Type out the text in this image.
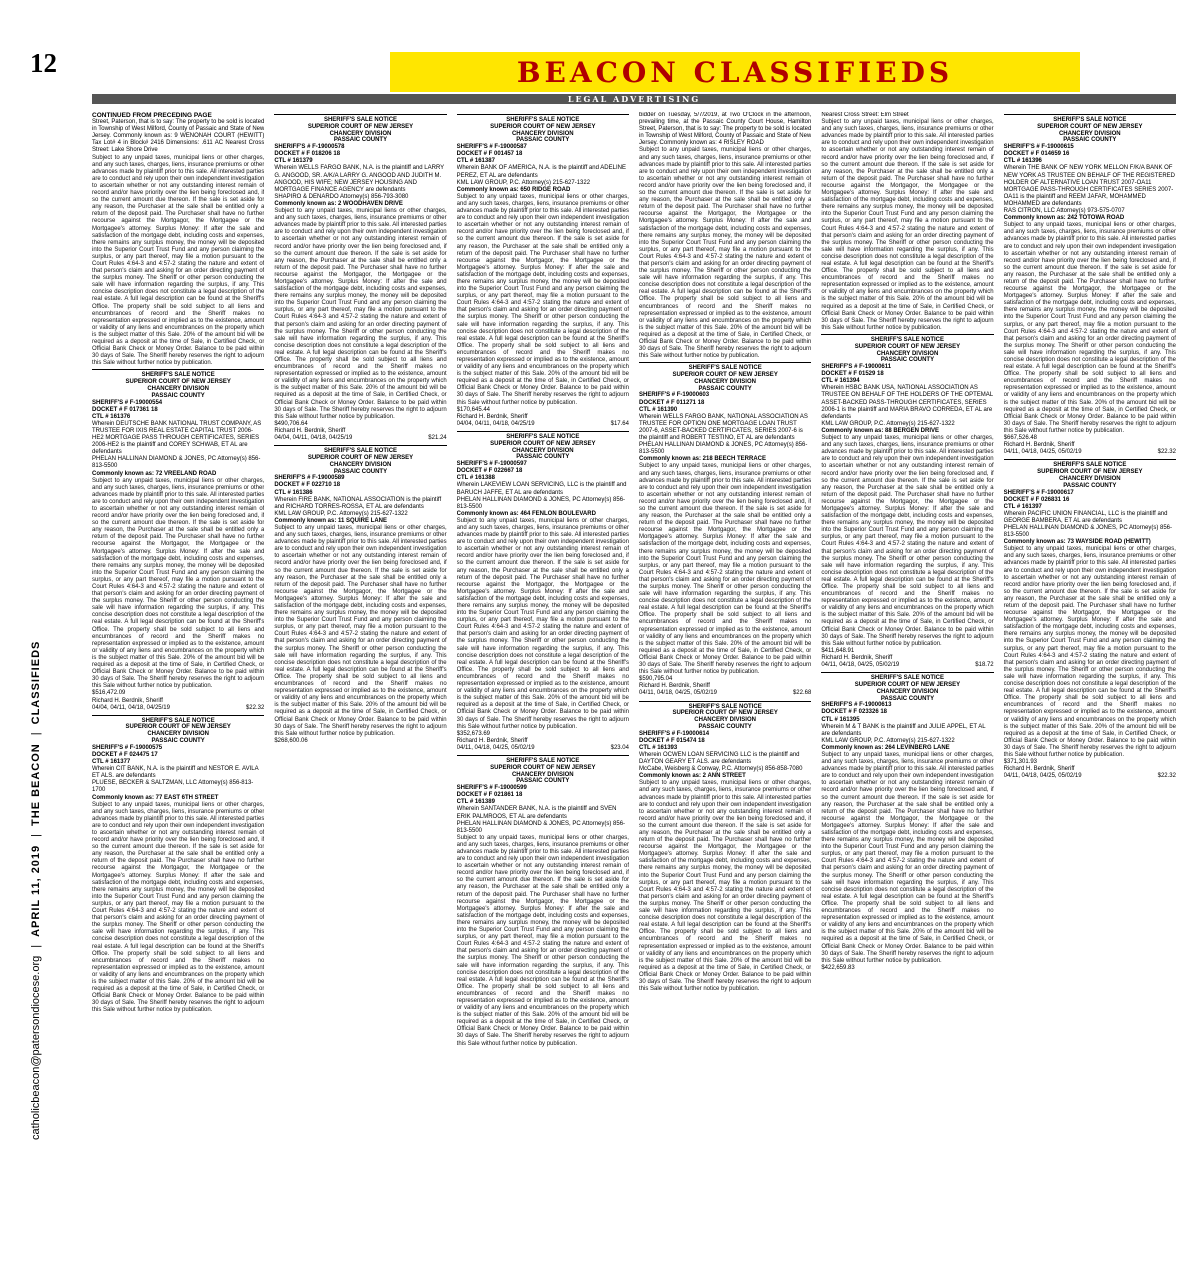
12	BEACON CLASSIFIEDS
LEGAL ADVERTISING
catholicbeacon@patersondiocese.org|APRIL 11, 2019|THE BEACON|CLASSIFIEDS

CONTINUED FROM PRECEDING PAGE

Street, Paterson, that is to say: The property to be sold is located in Township of West Milford, County of Passaic and State of New Jersey. Commonly known as: 9 WENONAH COURT (HEWITT) Tax Lot# 4 in Block# 2416 Dimensions: .611 AC Nearest Cross Street: Lake Shore Drive

Subject to any unpaid taxes, municipal liens or other charges, and any such taxes, charges, liens, insurance premiums or other advances made by plaintiff prior to this sale. All interested parties are to conduct and rely upon their own independent investigation to ascertain whether or not any outstanding interest remain of record and/or have priority over the lien being foreclosed and, if so the current amount due thereon. If the sale is set aside for any reason, the Purchaser at the sale shall be entitled only a return of the deposit paid. The Purchaser shall have no further recourse against the Mortgagor, the Mortgagee or the Mortgagee's attorney. Surplus Money: If after the sale and satisfaction of the mortgage debt, including costs and expenses, there remains any surplus money, the money will be deposited into the Superior Court Trust Fund and any person claiming the surplus, or any part thereof, may file a motion pursuant to the Court Rules 4:64-3 and 4:57-2 stating the nature and extent of that person's claim and asking for an order directing payment of the surplus money. The Sheriff or other person conducting the sale will have information regarding the surplus, if any. This concise description does not constitute a legal description of the real estate. A full legal description can be found at the Sheriff's Office. The property shall be sold subject to all liens and encumbrances of record and the Sheriff makes no representation expressed or implied as to the existence, amount or validity of any liens and encumbrances on the property which is the subject matter of this Sale. 20% of the amount bid will be required as a deposit at the time of Sale, in Certified Check, or Official Bank Check or Money Order. Balance to be paid within 30 days of Sale. The Sheriff hereby reserves the right to adjourn this Sale without further notice by publication.

SHERIFF'S SALE NOTICE
SUPERIOR COURT OF NEW JERSEY
CHANCERY DIVISION
PASSAIC COUNTY
SHERIFF'S # F-19000554
DOCKET # F 017361 18
CTL # 161376
Wherein DEUTSCHE BANK NATIONAL TRUST COMPANY, AS TRUSTEE FOR IXIS REAL ESTATE CAPITAL TRUST 2006-HE2 MORTGAGE PASS THROUGH CERTIFICATES, SERIES 2006-HE2 is the plaintiff and COREY SCHWAB, ET AL are defendants
PHELAN HALLINAN DIAMOND & JONES, PC Attorney(s) 856-813-5500
Commonly known as: 72 VREELAND ROAD

Subject to any unpaid taxes, municipal liens or other charges, and any such taxes, charges, liens, insurance premiums or other advances made by plaintiff prior to this sale. All interested parties are to conduct and rely upon their own independent investigation to ascertain whether or not any outstanding interest remain of record and/or have priority over the lien being foreclosed and, if so the current amount due thereon. If the sale is set aside for any reason, the Purchaser at the sale shall be entitled only a return of the deposit paid. The Purchaser shall have no further recourse against the Mortgagor, the Mortgagee or the Mortgagee's attorney. Surplus Money: If after the sale and satisfaction of the mortgage debt, including costs and expenses, there remains any surplus money, the money will be deposited into the Superior Court Trust Fund and any person claiming the surplus, or any part thereof, may file a motion pursuant to the Court Rules 4:64-3 and 4:57-2 stating the nature and extent of that person's claim and asking for an order directing payment of the surplus money. The Sheriff or other person conducting the sale will have information regarding the surplus, if any. This concise description does not constitute a legal description of the real estate. A full legal description can be found at the Sheriff's Office. The property shall be sold subject to all liens and encumbrances of record and the Sheriff makes no representation expressed or implied as to the existence, amount or validity of any liens and encumbrances on the property which is the subject matter of this Sale. 20% of the amount bid will be required as a deposit at the time of Sale, in Certified Check, or Official Bank Check or Money Order. Balance to be paid within 30 days of Sale. The Sheriff hereby reserves the right to adjourn this Sale without further notice by publication.

$516,472.09
Richard H. Berdnik, Sheriff
04/04, 04/11, 04/18, 04/25/19	$22.32
SHERIFF'S SALE NOTICE
SUPERIOR COURT OF NEW JERSEY
CHANCERY DIVISION
PASSAIC COUNTY
SHERIFF'S # F-19000575
DOCKET # F 024475 17
CTL # 161377
Wherein CIT BANK, N.A. is the plaintiff and NESTOR E. AVILA ET ALS. are defendants
PLUESE, BECKER & SALTZMAN, LLC Attorney(s) 856-813-1700
Commonly known as: 77 EAST 6TH STREET

Subject to any unpaid taxes, municipal liens or other charges, and any such taxes, charges, liens, insurance premiums or other advances made by plaintiff prior to this sale. All interested parties are to conduct and rely upon their own independent investigation to ascertain whether or not any outstanding interest remain of record and/or have priority over the lien being foreclosed and, if so the current amount due thereon. If the sale is set aside for any reason, the Purchaser at the sale shall be entitled only a return of the deposit paid. The Purchaser shall have no further recourse against the Mortgagor, the Mortgagee or the Mortgagee's attorney. Surplus Money: If after the sale and satisfaction of the mortgage debt, including costs and expenses, there remains any surplus money, the money will be deposited into the Superior Court Trust Fund and any person claiming the surplus, or any part thereof, may file a motion pursuant to the Court Rules 4:64-3 and 4:57-2 stating the nature and extent of that person's claim and asking for an order directing payment of the surplus money. The Sheriff or other person conducting the sale will have information regarding the surplus, if any. This concise description does not constitute a legal description of the real estate. A full legal description can be found at the Sheriff's Office. The property shall be sold subject to all liens and encumbrances of record and the Sheriff makes no representation expressed or implied as to the existence, amount or validity of any liens and encumbrances on the property which is the subject matter of this Sale. 20% of the amount bid will be required as a deposit at the time of Sale, in Certified Check, or Official Bank Check or Money Order. Balance to be paid within 30 days of Sale. The Sheriff hereby reserves the right to adjourn this Sale without further notice by publication.

SHERIFF'S SALE NOTICE
SUPERIOR COURT OF NEW JERSEY
CHANCERY DIVISION
PASSAIC COUNTY
SHERIFF'S # F-19000578
DOCKET # F 018206 18
CTL # 161379
Wherein WELLS FARGO BANK, N.A. is the plaintiff and LARRY G. ANGOOD, SR. A/K/A LARRY G. ANGOOD AND JUDITH M. ANGOOD, HIS WIFE; NEW JERSEY HOUSING AND MORTGAGE FINANCE AGENCY are defendants
SHAPIRO & DENARDO Attorney(s) 856-793-3080
Commonly known as: 2 WOODHAVEN DRIVE

Subject to any unpaid taxes, municipal liens or other charges, and any such taxes, charges, liens, insurance premiums or other advances made by plaintiff prior to this sale. All interested parties are to conduct and rely upon their own independent investigation to ascertain whether or not any outstanding interest remain of record and/or have priority over the lien being foreclosed and, if so the current amount due thereon. If the sale is set aside for any reason, the Purchaser at the sale shall be entitled only a return of the deposit paid. The Purchaser shall have no further recourse against the Mortgagor, the Mortgagee or the Mortgagee's attorney. Surplus Money: If after the sale and satisfaction of the mortgage debt, including costs and expenses, there remains any surplus money, the money will be deposited into the Superior Court Trust Fund and any person claiming the surplus, or any part thereof, may file a motion pursuant to the Court Rules 4:64-3 and 4:57-2 stating the nature and extent of that person's claim and asking for an order directing payment of the surplus money. The Sheriff or other person conducting the sale will have information regarding the surplus, if any. This concise description does not constitute a legal description of the real estate. A full legal description can be found at the Sheriff's Office. The property shall be sold subject to all liens and encumbrances of record and the Sheriff makes no representation expressed or implied as to the existence, amount or validity of any liens and encumbrances on the property which is the subject matter of this Sale. 20% of the amount bid will be required as a deposit at the time of Sale, in Certified Check, or Official Bank Check or Money Order. Balance to be paid within 30 days of Sale. The Sheriff hereby reserves the right to adjourn this Sale without further notice by publication.

$490,706.64
Richard H. Berdnik, Sheriff
04/04, 04/11, 04/18, 04/25/19	$21.24
SHERIFF'S SALE NOTICE
SUPERIOR COURT OF NEW JERSEY
CHANCERY DIVISION
PASSAIC COUNTY
SHERIFF'S # F-19000589
DOCKET # F 022710 18
CTL # 161386
Wherein FIRE BANK, NATIONAL ASSOCIATION is the plaintiff and RICHARD TORRES-ROSSA, ET AL are defendants
KML LAW GROUP, P.C. Attorney(s) 215-627-1322
Commonly known as: 11 SQUIRE LANE

Subject to any unpaid taxes, municipal liens or other charges, and any such taxes, charges, liens, insurance premiums or other advances made by plaintiff prior to this sale. All interested parties are to conduct and rely upon their own independent investigation to ascertain whether or not any outstanding interest remain of record and/or have priority over the lien being foreclosed and, if so the current amount due thereon. If the sale is set aside for any reason, the Purchaser at the sale shall be entitled only a return of the deposit paid. The Purchaser shall have no further recourse against the Mortgagor, the Mortgagee or the Mortgagee's attorney. Surplus Money: If after the sale and satisfaction of the mortgage debt, including costs and expenses, there remains any surplus money, the money will be deposited into the Superior Court Trust Fund and any person claiming the surplus, or any part thereof, may file a motion pursuant to the Court Rules 4:64-3 and 4:57-2 stating the nature and extent of that person's claim and asking for an order directing payment of the surplus money. The Sheriff or other person conducting the sale will have information regarding the surplus, if any. This concise description does not constitute a legal description of the real estate. A full legal description can be found at the Sheriff's Office. The property shall be sold subject to all liens and encumbrances of record and the Sheriff makes no representation expressed or implied as to the existence, amount or validity of any liens and encumbrances on the property which is the subject matter of this Sale. 20% of the amount bid will be required as a deposit at the time of Sale, in Certified Check, or Official Bank Check or Money Order. Balance to be paid within 30 days of Sale. The Sheriff hereby reserves the right to adjourn this Sale without further notice by publication.

$268,600.06
SHERIFF'S SALE NOTICE
SUPERIOR COURT OF NEW JERSEY
CHANCERY DIVISION
PASSAIC COUNTY
SHERIFF'S # F-19000587
DOCKET # F 001457 18
CTL # 161387
Wherein BANK OF AMERICA, N.A. is the plaintiff and ADELINE PEREZ, ET AL are defendants
KML LAW GROUP, P.C. Attorney(s) 215-627-1322
Commonly known as: 650 RIDGE ROAD

Subject to any unpaid taxes, municipal liens or other charges, and any such taxes, charges, liens, insurance premiums or other advances made by plaintiff prior to this sale. All interested parties are to conduct and rely upon their own independent investigation to ascertain whether or not any outstanding interest remain of record and/or have priority over the lien being foreclosed and, if so the current amount due thereon. If the sale is set aside for any reason, the Purchaser at the sale shall be entitled only a return of the deposit paid. The Purchaser shall have no further recourse against the Mortgagor, the Mortgagee or the Mortgagee's attorney. Surplus Money: If after the sale and satisfaction of the mortgage debt, including costs and expenses, there remains any surplus money, the money will be deposited into the Superior Court Trust Fund and any person claiming the surplus, or any part thereof, may file a motion pursuant to the Court Rules 4:64-3 and 4:57-2 stating the nature and extent of that person's claim and asking for an order directing payment of the surplus money. The Sheriff or other person conducting the sale will have information regarding the surplus, if any. This concise description does not constitute a legal description of the real estate. A full legal description can be found at the Sheriff's Office. The property shall be sold subject to all liens and encumbrances of record and the Sheriff makes no representation expressed or implied as to the existence, amount or validity of any liens and encumbrances on the property which is the subject matter of this Sale. 20% of the amount bid will be required as a deposit at the time of Sale, in Certified Check, or Official Bank Check or Money Order. Balance to be paid within 30 days of Sale. The Sheriff hereby reserves the right to adjourn this Sale without further notice by publication.

$170,645.44
Richard H. Berdnik, Sheriff
04/04, 04/11, 04/18, 04/25/19	$17.64
SHERIFF'S SALE NOTICE
SUPERIOR COURT OF NEW JERSEY
CHANCERY DIVISION
PASSAIC COUNTY
SHERIFF'S # F-19000597
DOCKET # F 022667 18
CTL # 161388
Wherein LAKEVIEW LOAN SERVICING, LLC is the plaintiff and BARUCH JAFFE, ET AL are defendants
PHELAN HALLINAN DIAMOND & JONES, PC Attorney(s) 856-813-5500
Commonly known as: 464 FENLON BOULEVARD

Subject to any unpaid taxes, municipal liens or other charges, and any such taxes, charges, liens, insurance premiums or other advances made by plaintiff prior to this sale. All interested parties are to conduct and rely upon their own independent investigation to ascertain whether or not any outstanding interest remain of record and/or have priority over the lien being foreclosed and, if so the current amount due thereon. If the sale is set aside for any reason, the Purchaser at the sale shall be entitled only a return of the deposit paid. The Purchaser shall have no further recourse against the Mortgagor, the Mortgagee or the Mortgagee's attorney. Surplus Money: If after the sale and satisfaction of the mortgage debt, including costs and expenses, there remains any surplus money, the money will be deposited into the Superior Court Trust Fund and any person claiming the surplus, or any part thereof, may file a motion pursuant to the Court Rules 4:64-3 and 4:57-2 stating the nature and extent of that person's claim and asking for an order directing payment of the surplus money. The Sheriff or other person conducting the sale will have information regarding the surplus, if any. This concise description does not constitute a legal description of the real estate. A full legal description can be found at the Sheriff's Office. The property shall be sold subject to all liens and encumbrances of record and the Sheriff makes no representation expressed or implied as to the existence, amount or validity of any liens and encumbrances on the property which is the subject matter of this Sale. 20% of the amount bid will be required as a deposit at the time of Sale, in Certified Check, or Official Bank Check or Money Order. Balance to be paid within 30 days of Sale. The Sheriff hereby reserves the right to adjourn this Sale without further notice by publication.

$352,673.69
Richard H. Berdnik, Sheriff
04/11, 04/18, 04/25, 05/02/19	$23.04
SHERIFF'S SALE NOTICE
SUPERIOR COURT OF NEW JERSEY
CHANCERY DIVISION
PASSAIC COUNTY
SHERIFF'S # F-19000599
DOCKET # F 021861 18
CTL # 161389
Wherein SANTANDER BANK, N.A. is the plaintiff and SVEN ERIK PALMROOS, ET AL are defendants
PHELAN HALLINAN DIAMOND & JONES, PC Attorney(s) 856-813-5500

Subject to any unpaid taxes, municipal liens or other charges, and any such taxes, charges, liens, insurance premiums or other advances made by plaintiff prior to this sale. All interested parties are to conduct and rely upon their own independent investigation to ascertain whether or not any outstanding interest remain of record and/or have priority over the lien being foreclosed and, if so the current amount due thereon. If the sale is set aside for any reason, the Purchaser at the sale shall be entitled only a return of the deposit paid. The Purchaser shall have no further recourse against the Mortgagor, the Mortgagee or the Mortgagee's attorney. Surplus Money: If after the sale and satisfaction of the mortgage debt, including costs and expenses, there remains any surplus money, the money will be deposited into the Superior Court Trust Fund and any person claiming the surplus, or any part thereof, may file a motion pursuant to the Court Rules 4:64-3 and 4:57-2 stating the nature and extent of that person's claim and asking for an order directing payment of the surplus money. The Sheriff or other person conducting the sale will have information regarding the surplus, if any. This concise description does not constitute a legal description of the real estate. A full legal description can be found at the Sheriff's Office. The property shall be sold subject to all liens and encumbrances of record and the Sheriff makes no representation expressed or implied as to the existence, amount or validity of any liens and encumbrances on the property which is the subject matter of this Sale. 20% of the amount bid will be required as a deposit at the time of Sale, in Certified Check, or Official Bank Check or Money Order. Balance to be paid within 30 days of Sale. The Sheriff hereby reserves the right to adjourn this Sale without further notice by publication.

bidder on Tuesday, 5/7/2019, at Two O'Clock in the afternoon, prevailing time, at the Passaic County Court House, Hamilton Street, Paterson, that is to say: The property to be sold is located in Township of West Milford, County of Passaic and State of New Jersey. Commonly known as: 4 RISLEY ROAD

Subject to any unpaid taxes, municipal liens or other charges, and any such taxes, charges, liens, insurance premiums or other advances made by plaintiff prior to this sale. All interested parties are to conduct and rely upon their own independent investigation to ascertain whether or not any outstanding interest remain of record and/or have priority over the lien being foreclosed and, if so the current amount due thereon. If the sale is set aside for any reason, the Purchaser at the sale shall be entitled only a return of the deposit paid. The Purchaser shall have no further recourse against the Mortgagor, the Mortgagee or the Mortgagee's attorney. Surplus Money: If after the sale and satisfaction of the mortgage debt, including costs and expenses, there remains any surplus money, the money will be deposited into the Superior Court Trust Fund and any person claiming the surplus, or any part thereof, may file a motion pursuant to the Court Rules 4:64-3 and 4:57-2 stating the nature and extent of that person's claim and asking for an order directing payment of the surplus money. The Sheriff or other person conducting the sale will have information regarding the surplus, if any. This concise description does not constitute a legal description of the real estate. A full legal description can be found at the Sheriff's Office. The property shall be sold subject to all liens and encumbrances of record and the Sheriff makes no representation expressed or implied as to the existence, amount or validity of any liens and encumbrances on the property which is the subject matter of this Sale. 20% of the amount bid will be required as a deposit at the time of Sale, in Certified Check, or Official Bank Check or Money Order. Balance to be paid within 30 days of Sale. The Sheriff hereby reserves the right to adjourn this Sale without further notice by publication.

SHERIFF'S SALE NOTICE
SUPERIOR COURT OF NEW JERSEY
CHANCERY DIVISION
PASSAIC COUNTY
SHERIFF'S # F-19000603
DOCKET # F 011271 18
CTL # 161390
Wherein WELLS FARGO BANK, NATIONAL ASSOCIATION AS TRUSTEE FOR OPTION ONE MORTGAGE LOAN TRUST 2007-6, ASSET-BACKED CERTIFICATES, SERIES 2007-6 is the plaintiff and ROBERT TESTINO, ET AL are defendants
PHELAN HALLINAN DIAMOND & JONES, PC Attorney(s) 856-813-5500
Commonly known as: 218 BEECH TERRACE

Subject to any unpaid taxes, municipal liens or other charges, and any such taxes, charges, liens, insurance premiums or other advances made by plaintiff prior to this sale. All interested parties are to conduct and rely upon their own independent investigation to ascertain whether or not any outstanding interest remain of record and/or have priority over the lien being foreclosed and, if so the current amount due thereon. If the sale is set aside for any reason, the Purchaser at the sale shall be entitled only a return of the deposit paid. The Purchaser shall have no further recourse against the Mortgagor, the Mortgagee or the Mortgagee's attorney. Surplus Money: If after the sale and satisfaction of the mortgage debt, including costs and expenses, there remains any surplus money, the money will be deposited into the Superior Court Trust Fund and any person claiming the surplus, or any part thereof, may file a motion pursuant to the Court Rules 4:64-3 and 4:57-2 stating the nature and extent of that person's claim and asking for an order directing payment of the surplus money. The Sheriff or other person conducting the sale will have information regarding the surplus, if any. This concise description does not constitute a legal description of the real estate. A full legal description can be found at the Sheriff's Office. The property shall be sold subject to all liens and encumbrances of record and the Sheriff makes no representation expressed or implied as to the existence, amount or validity of any liens and encumbrances on the property which is the subject matter of this Sale. 20% of the amount bid will be required as a deposit at the time of Sale, in Certified Check, or Official Bank Check or Money Order. Balance to be paid within 30 days of Sale. The Sheriff hereby reserves the right to adjourn this Sale without further notice by publication.

$590,795.04
Richard H. Berdnik, Sheriff
04/11, 04/18, 04/25, 05/02/19	$22.68
SHERIFF'S SALE NOTICE
SUPERIOR COURT OF NEW JERSEY
CHANCERY DIVISION
PASSAIC COUNTY
SHERIFF'S # F-19000614
DOCKET # F 015474 18
CTL # 161393
Wherein OCWEN LOAN SERVICING LLC is the plaintiff and DAYTON GEARY ET ALS. are defendants
McCabe, Weisberg & Conway, P.C. Attorney(s) 856-858-7080
Commonly known as: 2 ANN STREET

Subject to any unpaid taxes, municipal liens or other charges, and any such taxes, charges, liens, insurance premiums or other advances made by plaintiff prior to this sale. All interested parties are to conduct and rely upon their own independent investigation to ascertain whether or not any outstanding interest remain of record and/or have priority over the lien being foreclosed and, if so the current amount due thereon. If the sale is set aside for any reason, the Purchaser at the sale shall be entitled only a return of the deposit paid. The Purchaser shall have no further recourse against the Mortgagor, the Mortgagee or the Mortgagee's attorney. Surplus Money: If after the sale and satisfaction of the mortgage debt, including costs and expenses, there remains any surplus money, the money will be deposited into the Superior Court Trust Fund and any person claiming the surplus, or any part thereof, may file a motion pursuant to the Court Rules 4:64-3 and 4:57-2 stating the nature and extent of that person's claim and asking for an order directing payment of the surplus money. The Sheriff or other person conducting the sale will have information regarding the surplus, if any. This concise description does not constitute a legal description of the real estate. A full legal description can be found at the Sheriff's Office. The property shall be sold subject to all liens and encumbrances of record and the Sheriff makes no representation expressed or implied as to the existence, amount or validity of any liens and encumbrances on the property which is the subject matter of this Sale. 20% of the amount bid will be required as a deposit at the time of Sale, in Certified Check, or Official Bank Check or Money Order. Balance to be paid within 30 days of Sale. The Sheriff hereby reserves the right to adjourn this Sale without further notice by publication.

Nearest Cross Street: Elm Street

Subject to any unpaid taxes, municipal liens or other charges, and any such taxes, charges, liens, insurance premiums or other advances made by plaintiff prior to this sale. All interested parties are to conduct and rely upon their own independent investigation to ascertain whether or not any outstanding interest remain of record and/or have priority over the lien being foreclosed and, if so the current amount due thereon. If the sale is set aside for any reason, the Purchaser at the sale shall be entitled only a return of the deposit paid. The Purchaser shall have no further recourse against the Mortgagor, the Mortgagee or the Mortgagee's attorney. Surplus Money: If after the sale and satisfaction of the mortgage debt, including costs and expenses, there remains any surplus money, the money will be deposited into the Superior Court Trust Fund and any person claiming the surplus, or any part thereof, may file a motion pursuant to the Court Rules 4:64-3 and 4:57-2 stating the nature and extent of that person's claim and asking for an order directing payment of the surplus money. The Sheriff or other person conducting the sale will have information regarding the surplus, if any. This concise description does not constitute a legal description of the real estate. A full legal description can be found at the Sheriff's Office. The property shall be sold subject to all liens and encumbrances of record and the Sheriff makes no representation expressed or implied as to the existence, amount or validity of any liens and encumbrances on the property which is the subject matter of this Sale. 20% of the amount bid will be required as a deposit at the time of Sale, in Certified Check, or Official Bank Check or Money Order. Balance to be paid within 30 days of Sale. The Sheriff hereby reserves the right to adjourn this Sale without further notice by publication.

SHERIFF'S SALE NOTICE
SUPERIOR COURT OF NEW JERSEY
CHANCERY DIVISION
PASSAIC COUNTY
SHERIFF'S # F-19000611
DOCKET # F 01529 18
CTL # 161394
Wherein HSBC BANK USA, NATIONAL ASSOCIATION AS TRUSTEE ON BEHALF OF THE HOLDERS OF THE OPTEMAL ASSET-BACKED PASS-THROUGH CERTIFICATES, SERIES 2006-1 is the plaintiff and MARIA BRAVO CORREDA, ET AL are defendants
KML LAW GROUP, P.C. Attorney(s) 215-627-1322
Commonly known as: 88 BERGEN DRIVE

Subject to any unpaid taxes, municipal liens or other charges, and any such taxes, charges, liens, insurance premiums or other advances made by plaintiff prior to this sale. All interested parties are to conduct and rely upon their own independent investigation to ascertain whether or not any outstanding interest remain of record and/or have priority over the lien being foreclosed and, if so the current amount due thereon. If the sale is set aside for any reason, the Purchaser at the sale shall be entitled only a return of the deposit paid. The Purchaser shall have no further recourse against the Mortgagor, the Mortgagee or the Mortgagee's attorney. Surplus Money: If after the sale and satisfaction of the mortgage debt, including costs and expenses, there remains any surplus money, the money will be deposited into the Superior Court Trust Fund and any person claiming the surplus, or any part thereof, may file a motion pursuant to the Court Rules 4:64-3 and 4:57-2 stating the nature and extent of that person's claim and asking for an order directing payment of the surplus money. The Sheriff or other person conducting the sale will have information regarding the surplus, if any. This concise description does not constitute a legal description of the real estate. A full legal description can be found at the Sheriff's Office. The property shall be sold subject to all liens and encumbrances of record and the Sheriff makes no representation expressed or implied as to the existence, amount or validity of any liens and encumbrances on the property which is the subject matter of this Sale. 20% of the amount bid will be required as a deposit at the time of Sale, in Certified Check, or Official Bank Check or Money Order. Balance to be paid within 30 days of Sale. The Sheriff hereby reserves the right to adjourn this Sale without further notice by publication.

$411,648.91
Richard H. Berdnik, Sheriff
04/11, 04/18, 04/25, 05/02/19	$18.72
SHERIFF'S SALE NOTICE
SUPERIOR COURT OF NEW JERSEY
CHANCERY DIVISION
PASSAIC COUNTY
SHERIFF'S # F-19000613
DOCKET # F 023326 18
CTL # 161395
Wherein M & T BANK is the plaintiff and JULIE APPEL, ET AL are defendants
KML LAW GROUP, P.C. Attorney(s) 215-627-1322
Commonly known as: 264 LEVINBERG LANE

Subject to any unpaid taxes, municipal liens or other charges, and any such taxes, charges, liens, insurance premiums or other advances made by plaintiff prior to this sale. All interested parties are to conduct and rely upon their own independent investigation to ascertain whether or not any outstanding interest remain of record and/or have priority over the lien being foreclosed and, if so the current amount due thereon. If the sale is set aside for any reason, the Purchaser at the sale shall be entitled only a return of the deposit paid. The Purchaser shall have no further recourse against the Mortgagor, the Mortgagee or the Mortgagee's attorney. Surplus Money: If after the sale and satisfaction of the mortgage debt, including costs and expenses, there remains any surplus money, the money will be deposited into the Superior Court Trust Fund and any person claiming the surplus, or any part thereof, may file a motion pursuant to the Court Rules 4:64-3 and 4:57-2 stating the nature and extent of that person's claim and asking for an order directing payment of the surplus money. The Sheriff or other person conducting the sale will have information regarding the surplus, if any. This concise description does not constitute a legal description of the real estate. A full legal description can be found at the Sheriff's Office. The property shall be sold subject to all liens and encumbrances of record and the Sheriff makes no representation expressed or implied as to the existence, amount or validity of any liens and encumbrances on the property which is the subject matter of this Sale. 20% of the amount bid will be required as a deposit at the time of Sale, in Certified Check, or Official Bank Check or Money Order. Balance to be paid within 30 days of Sale. The Sheriff hereby reserves the right to adjourn this Sale without further notice by publication.

$422,659.83
SHERIFF'S SALE NOTICE
SUPERIOR COURT OF NEW JERSEY
CHANCERY DIVISION
PASSAIC COUNTY
SHERIFF'S # F-19000615
DOCKET # F 014659 16
CTL # 161396
Wherein THE BANK OF NEW YORK MELLON F/K/A BANK OF NEW YORK AS TRUSTEE ON BEHALF OF THE REGISTERED HOLDER OF ALTERNATIVE LOAN TRUST 2007-OA11 MORTGAGE PASS-THROUGH CERTIFICATES SERIES 2007-OA11 is the plaintiff and REEM JAFAR, MOHAMMED MOHAMMED are defendants
RAS CITRON, LLC Attorney(s) 973-575-0707
Commonly known as: 242 TOTOWA ROAD

Subject to any unpaid taxes, municipal liens or other charges, and any such taxes, charges, liens, insurance premiums or other advances made by plaintiff prior to this sale. All interested parties are to conduct and rely upon their own independent investigation to ascertain whether or not any outstanding interest remain of record and/or have priority over the lien being foreclosed and, if so the current amount due thereon. If the sale is set aside for any reason, the Purchaser at the sale shall be entitled only a return of the deposit paid. The Purchaser shall have no further recourse against the Mortgagor, the Mortgagee or the Mortgagee's attorney. Surplus Money: If after the sale and satisfaction of the mortgage debt, including costs and expenses, there remains any surplus money, the money will be deposited into the Superior Court Trust Fund and any person claiming the surplus, or any part thereof, may file a motion pursuant to the Court Rules 4:64-3 and 4:57-2 stating the nature and extent of that person's claim and asking for an order directing payment of the surplus money. The Sheriff or other person conducting the sale will have information regarding the surplus, if any. This concise description does not constitute a legal description of the real estate. A full legal description can be found at the Sheriff's Office. The property shall be sold subject to all liens and encumbrances of record and the Sheriff makes no representation expressed or implied as to the existence, amount or validity of any liens and encumbrances on the property which is the subject matter of this Sale. 20% of the amount bid will be required as a deposit at the time of Sale, in Certified Check, or Official Bank Check or Money Order. Balance to be paid within 30 days of Sale. The Sheriff hereby reserves the right to adjourn this Sale without further notice by publication.

$667,526.48
Richard H. Berdnik, Sheriff
04/11, 04/18, 04/25, 05/02/19	$22.32
SHERIFF'S SALE NOTICE
SUPERIOR COURT OF NEW JERSEY
CHANCERY DIVISION
PASSAIC COUNTY
SHERIFF'S # F-19000617
DOCKET # F 026831 16
CTL # 161397
Wherein PACIFIC UNION FINANCIAL, LLC is the plaintiff and GEORGE BAMBERA, ET AL are defendants
PHELAN HALLINAN DIAMOND & JONES, PC Attorney(s) 856-813-5500
Commonly known as: 73 WAYSIDE ROAD (HEWITT)

Subject to any unpaid taxes, municipal liens or other charges, and any such taxes, charges, liens, insurance premiums or other advances made by plaintiff prior to this sale. All interested parties are to conduct and rely upon their own independent investigation to ascertain whether or not any outstanding interest remain of record and/or have priority over the lien being foreclosed and, if so the current amount due thereon. If the sale is set aside for any reason, the Purchaser at the sale shall be entitled only a return of the deposit paid. The Purchaser shall have no further recourse against the Mortgagor, the Mortgagee or the Mortgagee's attorney. Surplus Money: If after the sale and satisfaction of the mortgage debt, including costs and expenses, there remains any surplus money, the money will be deposited into the Superior Court Trust Fund and any person claiming the surplus, or any part thereof, may file a motion pursuant to the Court Rules 4:64-3 and 4:57-2 stating the nature and extent of that person's claim and asking for an order directing payment of the surplus money. The Sheriff or other person conducting the sale will have information regarding the surplus, if any. This concise description does not constitute a legal description of the real estate. A full legal description can be found at the Sheriff's Office. The property shall be sold subject to all liens and encumbrances of record and the Sheriff makes no representation expressed or implied as to the existence, amount or validity of any liens and encumbrances on the property which is the subject matter of this Sale. 20% of the amount bid will be required as a deposit at the time of Sale, in Certified Check, or Official Bank Check or Money Order. Balance to be paid within 30 days of Sale. The Sheriff hereby reserves the right to adjourn this Sale without further notice by publication.

$371,301.93
Richard H. Berdnik, Sheriff
04/11, 04/18, 04/25, 05/02/19	$22.32
